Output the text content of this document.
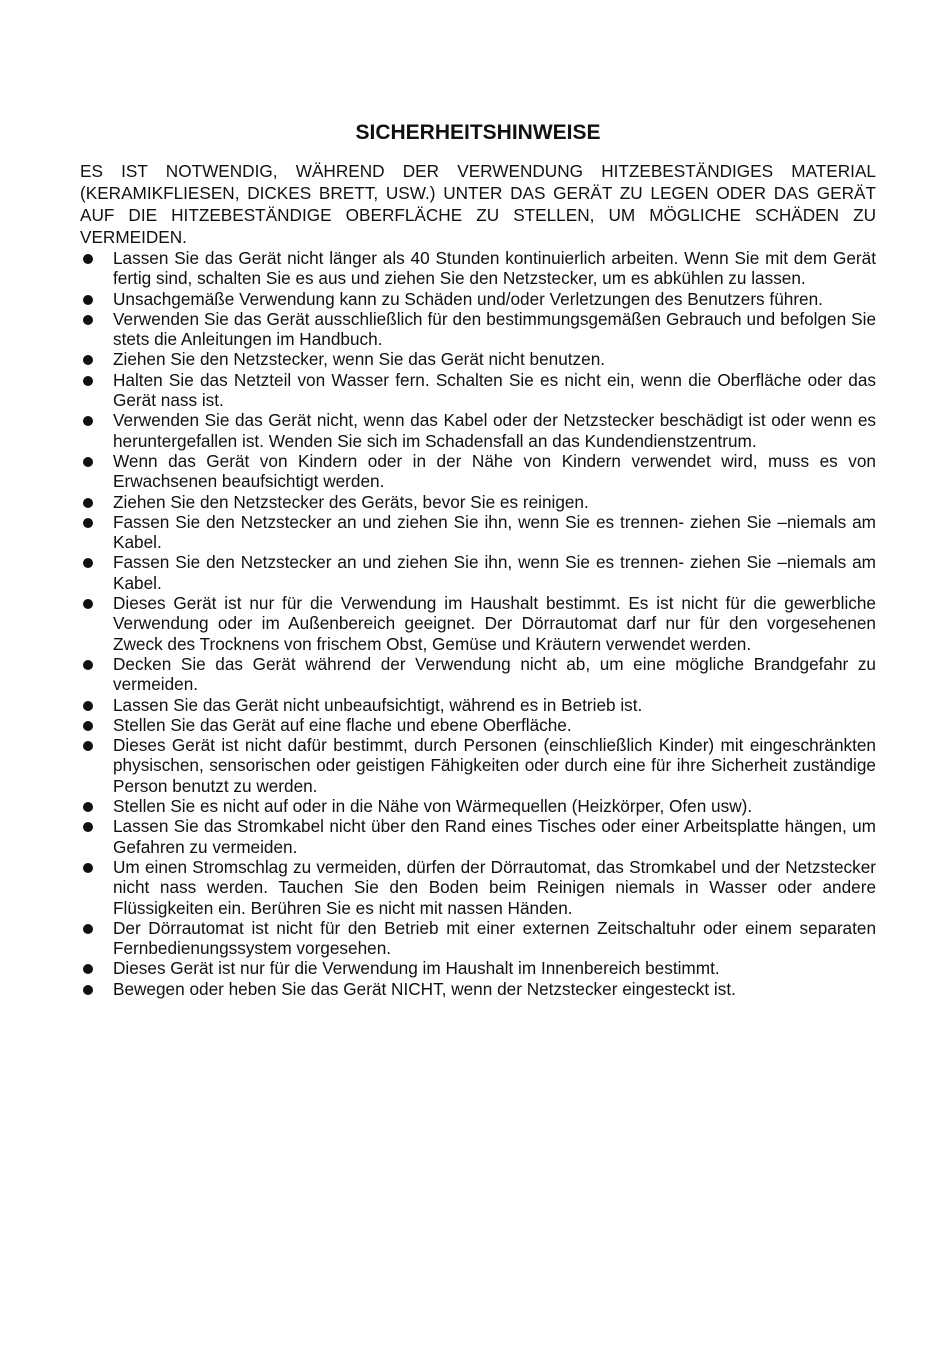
SICHERHEITSHINWEISE

ES IST NOTWENDIG, WÄHREND DER VERWENDUNG HITZEBESTÄNDIGES MATERIAL (KERAMIKFLIESEN, DICKES BRETT, USW.) UNTER DAS GERÄT ZU LEGEN ODER DAS GERÄT AUF DIE HITZEBESTÄNDIGE OBERFLÄCHE ZU STELLEN, UM MÖGLICHE SCHÄDEN ZU VERMEIDEN.

Lassen Sie das Gerät nicht länger als 40 Stunden kontinuierlich arbeiten. Wenn Sie mit dem Gerät fertig sind, schalten Sie es aus und ziehen Sie den Netzstecker, um es abkühlen zu lassen.
Unsachgemäße Verwendung kann zu Schäden und/oder Verletzungen des Benutzers führen.
Verwenden Sie das Gerät ausschließlich für den bestimmungsgemäßen Gebrauch und befolgen Sie stets die Anleitungen im Handbuch.
Ziehen Sie den Netzstecker, wenn Sie das Gerät nicht benutzen.
Halten Sie das Netzteil von Wasser fern. Schalten Sie es nicht ein, wenn die Oberfläche oder das Gerät nass ist.
Verwenden Sie das Gerät nicht, wenn das Kabel oder der Netzstecker beschädigt ist oder wenn es heruntergefallen ist. Wenden Sie sich im Schadensfall an das Kundendienstzentrum.
Wenn das Gerät von Kindern oder in der Nähe von Kindern verwendet wird, muss es von Erwachsenen beaufsichtigt werden.
Ziehen Sie den Netzstecker des Geräts, bevor Sie es reinigen.
Fassen Sie den Netzstecker an und ziehen Sie ihn, wenn Sie es trennen- ziehen Sie –niemals am Kabel.
Fassen Sie den Netzstecker an und ziehen Sie ihn, wenn Sie es trennen- ziehen Sie –niemals am Kabel.
Dieses Gerät ist nur für die Verwendung im Haushalt bestimmt. Es ist nicht für die gewerbliche Verwendung oder im Außenbereich geeignet. Der Dörrautomat darf nur für den vorgesehenen Zweck des Trocknens von frischem Obst, Gemüse und Kräutern verwendet werden.
Decken Sie das Gerät während der Verwendung nicht ab, um eine mögliche Brandgefahr zu vermeiden.
Lassen Sie das Gerät nicht unbeaufsichtigt, während es in Betrieb ist.
Stellen Sie das Gerät auf eine flache und ebene Oberfläche.
Dieses Gerät ist nicht dafür bestimmt, durch Personen (einschließlich Kinder) mit eingeschränkten physischen, sensorischen oder geistigen Fähigkeiten oder durch eine für ihre Sicherheit zuständige Person benutzt zu werden.
Stellen Sie es nicht auf oder in die Nähe von Wärmequellen (Heizkörper, Ofen usw).
Lassen Sie das Stromkabel nicht über den Rand eines Tisches oder einer Arbeitsplatte hängen, um Gefahren zu vermeiden.
Um einen Stromschlag zu vermeiden, dürfen der Dörrautomat, das Stromkabel und der Netzstecker nicht nass werden. Tauchen Sie den Boden beim Reinigen niemals in Wasser oder andere Flüssigkeiten ein. Berühren Sie es nicht mit nassen Händen.
Der Dörrautomat ist nicht für den Betrieb mit einer externen Zeitschaltuhr oder einem separaten Fernbedienungssystem vorgesehen.
Dieses Gerät ist nur für die Verwendung im Haushalt im Innenbereich bestimmt.
Bewegen oder heben Sie das Gerät NICHT, wenn der Netzstecker eingesteckt ist.
